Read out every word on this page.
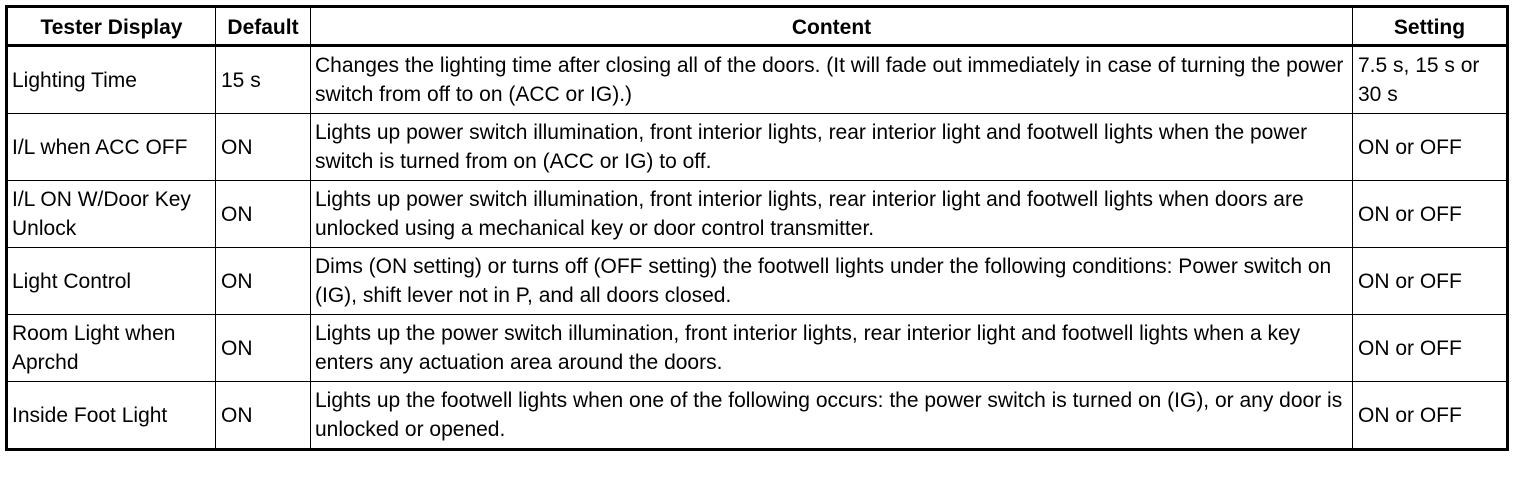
Tester Display	Default	Content	Setting
Lighting Time	15 s	Changes the lighting time after closing all of the doors. (It will fade out immediately in case of turning the power switch from off to on (ACC or IG).)	7.5 s, 15 s or 30 s
I/L when ACC OFF	ON	Lights up power switch illumination, front interior lights, rear interior light and footwell lights when the power switch is turned from on (ACC or IG) to off.	ON or OFF
I/L ON W/Door Key Unlock	ON	Lights up power switch illumination, front interior lights, rear interior light and footwell lights when doors are unlocked using a mechanical key or door control transmitter.	ON or OFF
Light Control	ON	Dims (ON setting) or turns off (OFF setting) the footwell lights under the following conditions: Power switch on (IG), shift lever not in P, and all doors closed.	ON or OFF
Room Light when Aprchd	ON	Lights up the power switch illumination, front interior lights, rear interior light and footwell lights when a key enters any actuation area around the doors.	ON or OFF
Inside Foot Light	ON	Lights up the footwell lights when one of the following occurs: the power switch is turned on (IG), or any door is unlocked or opened.	ON or OFF
